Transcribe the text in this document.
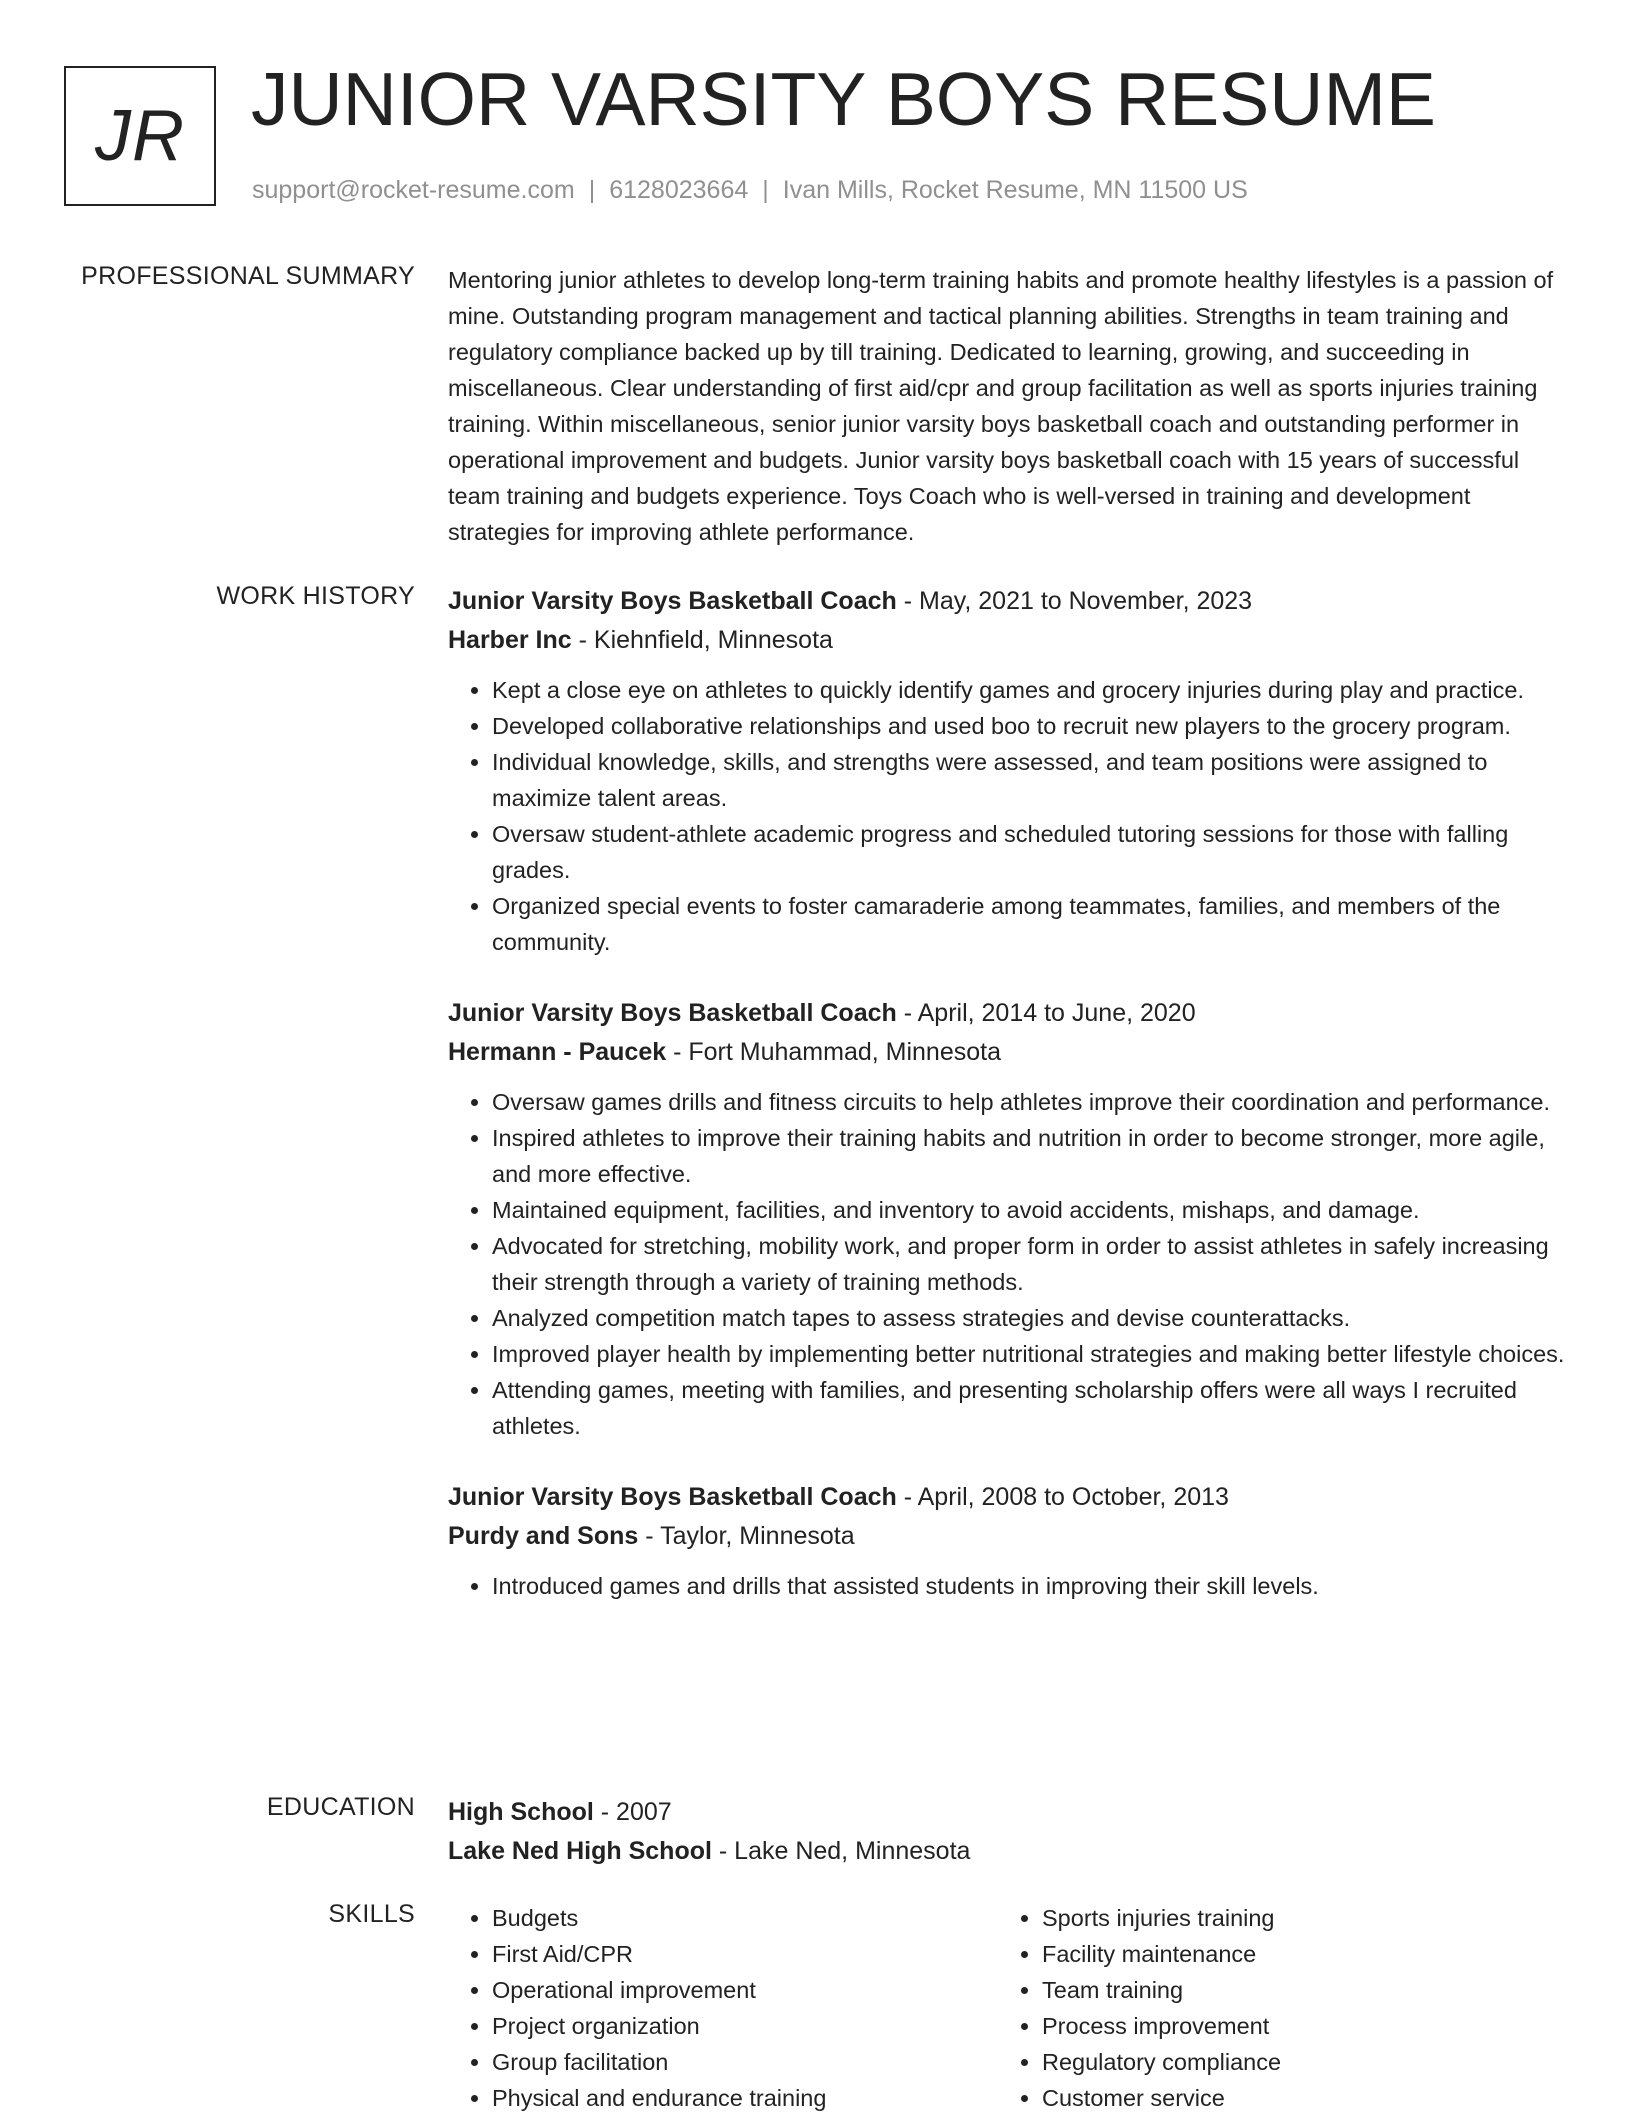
JR JUNIOR VARSITY BOYS RESUME
support@rocket-resume.com | 6128023664 | Ivan Mills, Rocket Resume, MN 11500 US
PROFESSIONAL SUMMARY Mentoring junior athletes to develop long-term training habits and promote healthy lifestyles is a passion of mine. Outstanding program management and tactical planning abilities. Strengths in team training and regulatory compliance backed up by till training. Dedicated to learning, growing, and succeeding in miscellaneous. Clear understanding of first aid/cpr and group facilitation as well as sports injuries training training. Within miscellaneous, senior junior varsity boys basketball coach and outstanding performer in operational improvement and budgets. Junior varsity boys basketball coach with 15 years of successful team training and budgets experience. Toys Coach who is well-versed in training and development strategies for improving athlete performance.

WORK HISTORY Junior Varsity Boys Basketball Coach - May, 2021 to November, 2023
Harber Inc - Kiehnfield, Minnesota
• Kept a close eye on athletes to quickly identify games and grocery injuries during play and practice.
• Developed collaborative relationships and used boo to recruit new players to the grocery program.
• Individual knowledge, skills, and strengths were assessed, and team positions were assigned to maximize talent areas.
• Oversaw student-athlete academic progress and scheduled tutoring sessions for those with falling grades.
• Organized special events to foster camaraderie among teammates, families, and members of the community.
Junior Varsity Boys Basketball Coach - April, 2014 to June, 2020
Hermann - Paucek - Fort Muhammad, Minnesota
• Oversaw games drills and fitness circuits to help athletes improve their coordination and performance.
• Inspired athletes to improve their training habits and nutrition in order to become stronger, more agile, and more effective.
• Maintained equipment, facilities, and inventory to avoid accidents, mishaps, and damage.
• Advocated for stretching, mobility work, and proper form in order to assist athletes in safely increasing their strength through a variety of training methods.
• Analyzed competition match tapes to assess strategies and devise counterattacks.
• Improved player health by implementing better nutritional strategies and making better lifestyle choices.
• Attending games, meeting with families, and presenting scholarship offers were all ways I recruited athletes.
Junior Varsity Boys Basketball Coach - April, 2008 to October, 2013
Purdy and Sons - Taylor, Minnesota
• Introduced games and drills that assisted students in improving their skill levels.
EDUCATION High School - 2007
Lake Ned High School - Lake Ned, Minnesota
SKILLS
•	Budgets
• First Aid/CPR
• Operational improvement
• Project organization
• Group facilitation
• Physical and endurance training
• Sports injuries training
• Facility maintenance
• Team training
• Process improvement
• Regulatory compliance
• Customer service
